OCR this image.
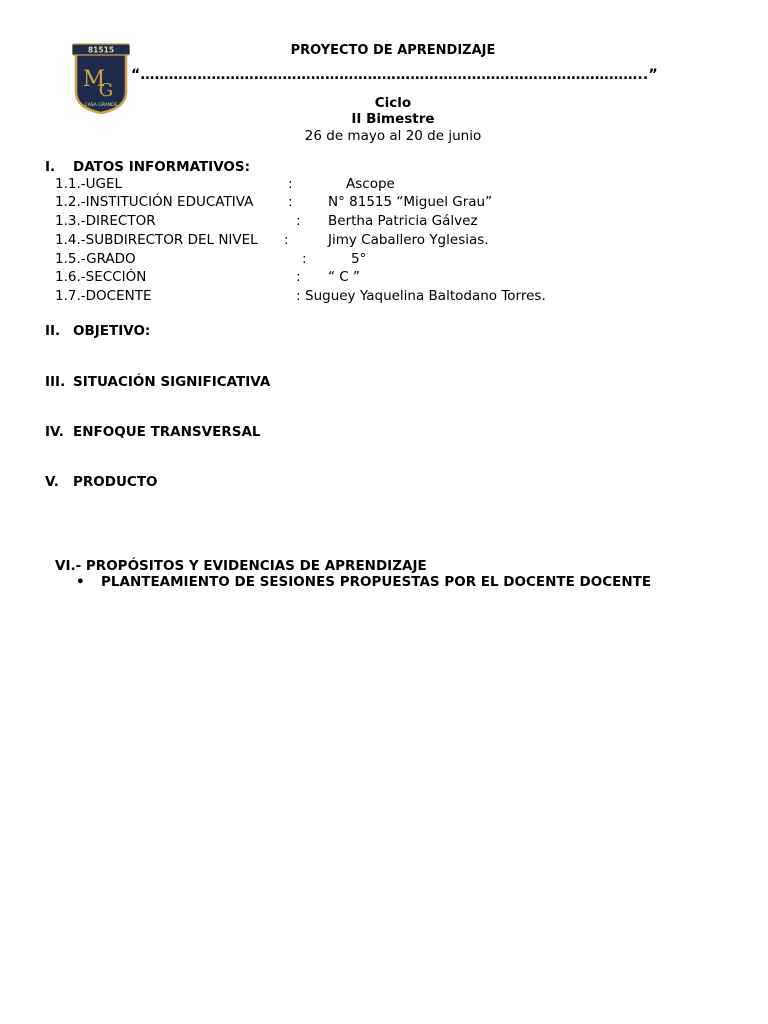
81515
M
G
CASA GRANDE
PROYECTO DE APRENDIZAJE
“……………………………………………………………………………………………..”
Ciclo
II Bimestre
26 de mayo al 20 de junio
I. DATOS INFORMATIVOS:
1.1.-UGEL	:	Ascope
1.2.-INSTITUCIÓN EDUCATIVA	:	N° 81515 “Miguel Grau”
1.3.-DIRECTOR	: Bertha Patricia Gálvez
1.4.-SUBDIRECTOR DEL NIVEL :	Jimy Caballero Yglesias.
1.5.-GRADO	:	5°
1.6.-SECCIÓN	: “ C ”
1.7.-DOCENTE	: Suguey Yaquelina Baltodano Torres.
II. OBJETIVO:
III. SITUACIÓN SIGNIFICATIVA
IV. ENFOQUE TRANSVERSAL
V. PRODUCTO
VI.- PROPÓSITOS Y EVIDENCIAS DE APRENDIZAJE
• PLANTEAMIENTO DE SESIONES PROPUESTAS POR EL DOCENTE DOCENTE
